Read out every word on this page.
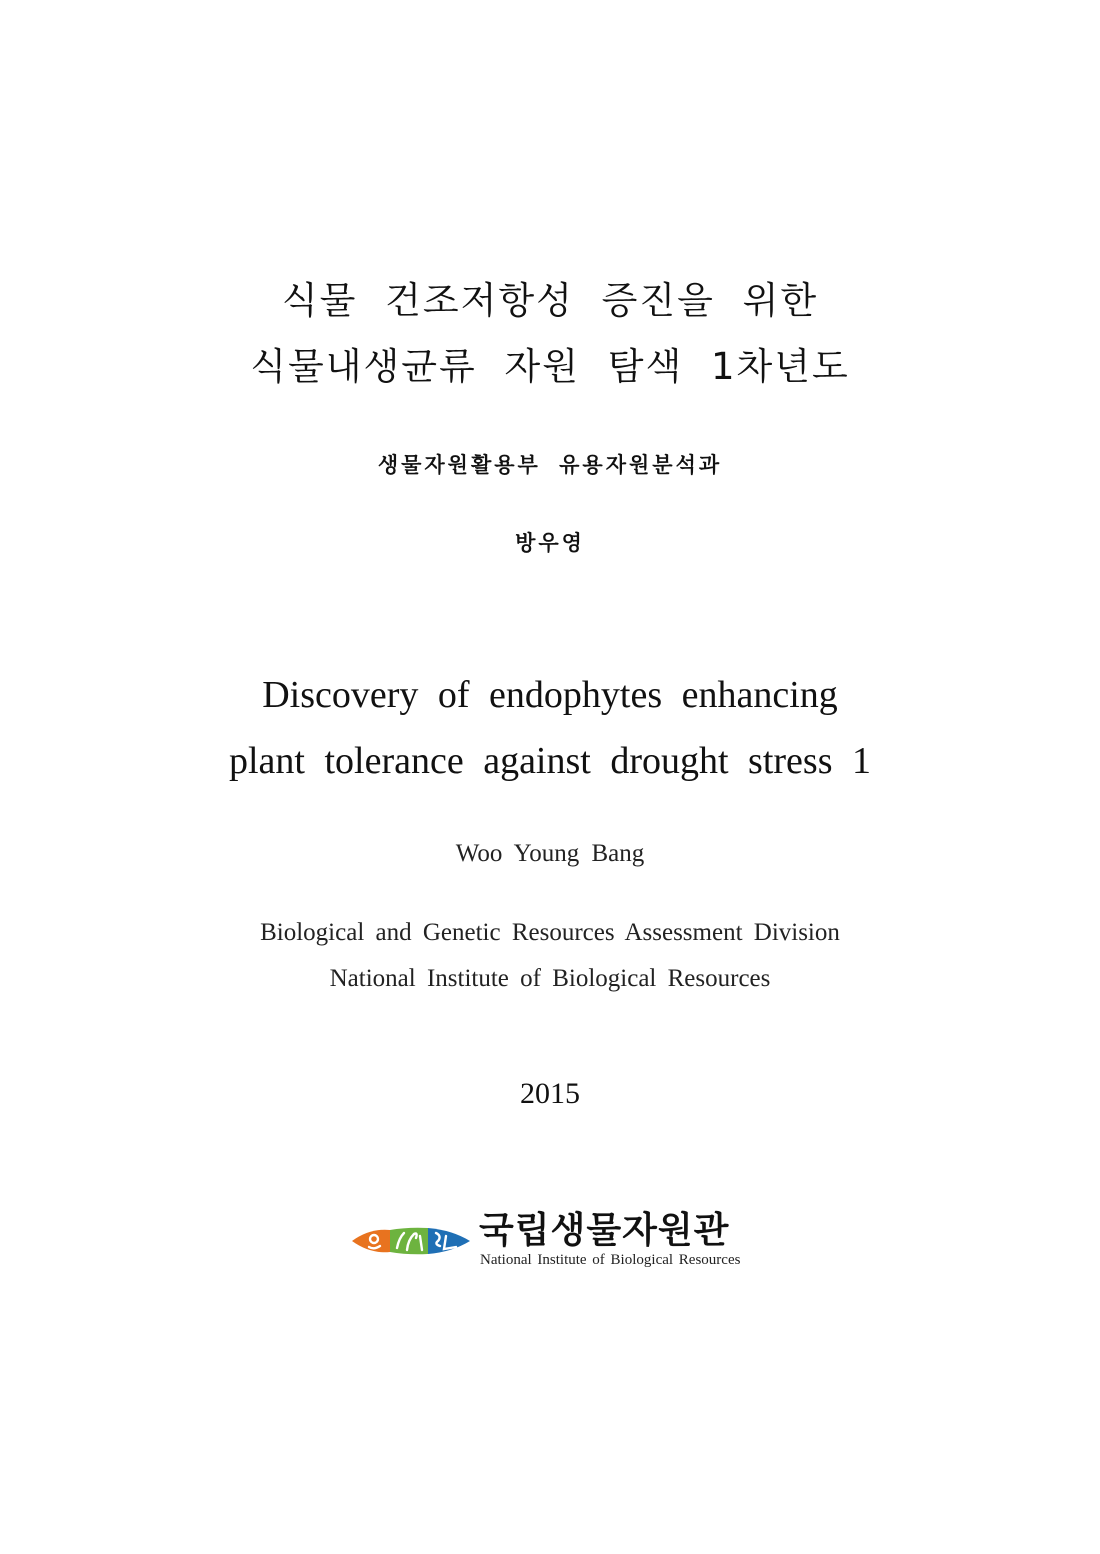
식물 건조저항성 증진을 위한
식물내생균류 자원 탐색 1차년도
생물자원활용부 유용자원분석과
방우영
Discovery of endophytes enhancing
plant tolerance against drought stress 1
Woo Young Bang
Biological and Genetic Resources Assessment Division
National Institute of Biological Resources
2015
국립생물자원관
National Institute of Biological Resources
